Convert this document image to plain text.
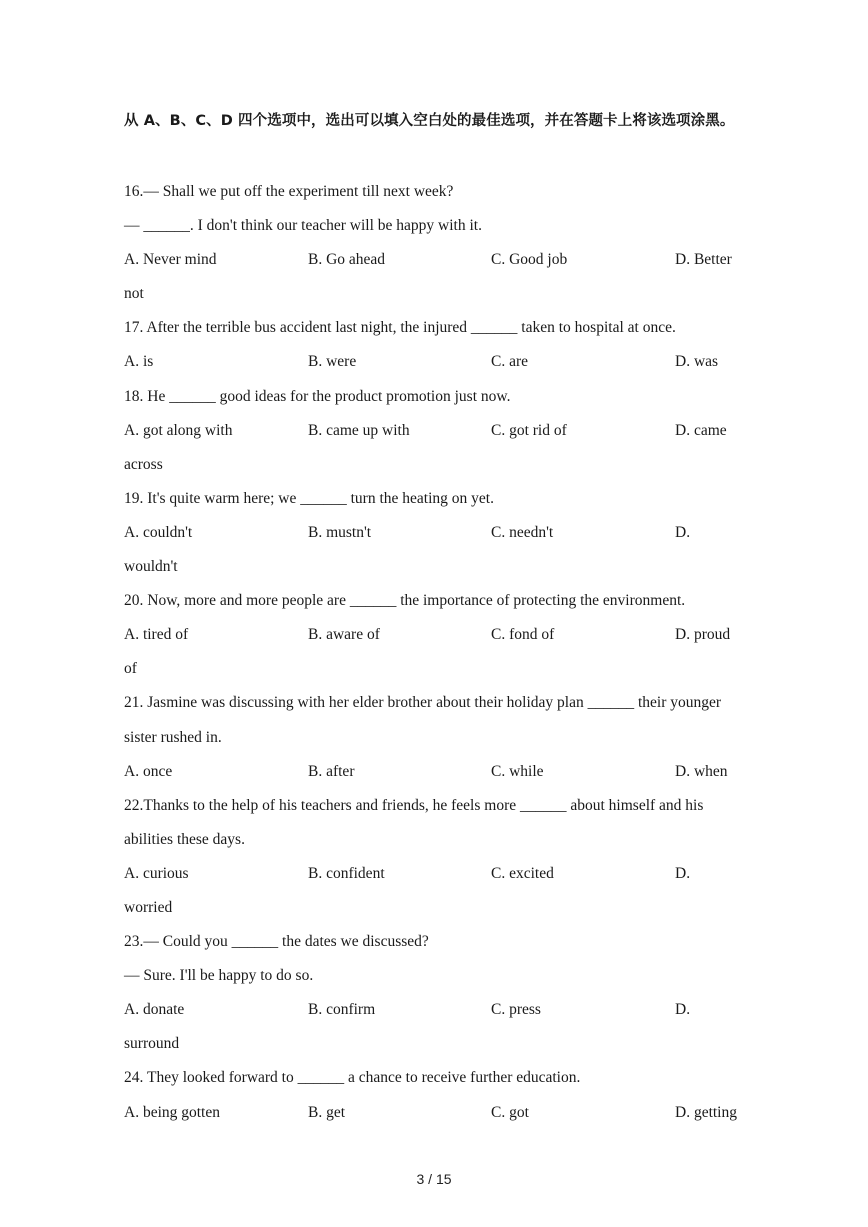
从 A、B、C、D 四个选项中，选出可以填入空白处的最佳选项，并在答题卡上将该选项涂黑。
16.— Shall we put off the experiment till next week?
— ______. I don't think our teacher will be happy with it.
A. Never mind	B. Go ahead	C. Good job	D. Better
not
17. After the terrible bus accident last night, the injured ______ taken to hospital at once.
A. is	B. were	C. are	D. was
18. He ______ good ideas for the product promotion just now.
A. got along with	B. came up with	C. got rid of	D. came
across
19. It's quite warm here; we ______ turn the heating on yet.
A. couldn't	B. mustn't	C. needn't	D.
wouldn't
20. Now, more and more people are ______ the importance of protecting the environment.
A. tired of	B. aware of	C. fond of	D. proud
of
21. Jasmine was discussing with her elder brother about their holiday plan ______ their younger
sister rushed in.
A. once	B. after	C. while	D. when
22.Thanks to the help of his teachers and friends, he feels more ______ about himself and his
abilities these days.
A. curious	B. confident	C. excited	D.
worried
23.— Could you ______ the dates we discussed?
— Sure. I'll be happy to do so.
A. donate	B. confirm	C. press	D.
surround
24. They looked forward to ______ a chance to receive further education.
A. being gotten	B. get	C. got	D. getting
3 / 15
